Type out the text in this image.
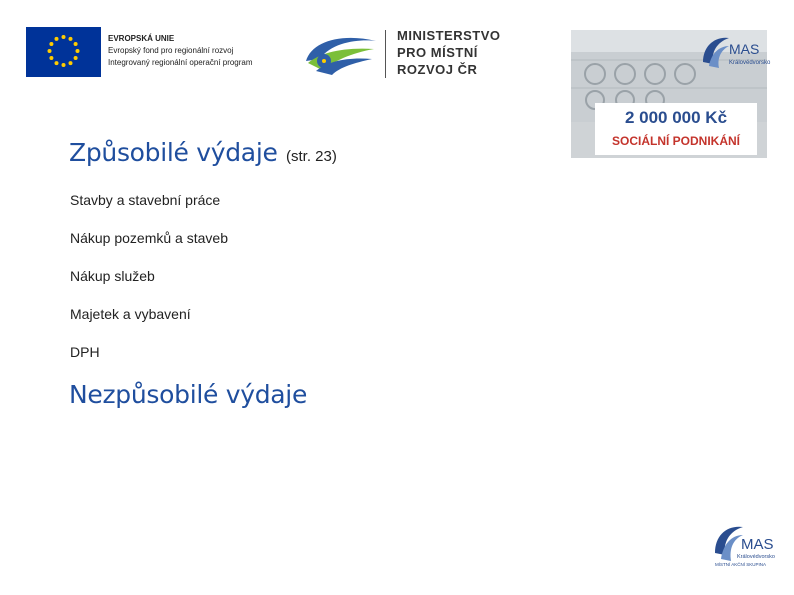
EVROPSKÁ UNIE
Evropský fond pro regionální rozvoj
Integrovaný regionální operační program
MINISTERSTVO
PRO MÍSTNÍ
ROZVOJ ČR
MAS
Královédvorsko
2 000 000 Kč
SOCIÁLNÍ PODNIKÁNÍ
Způsobilé výdaje (str. 23)
Stavby a stavební práce
Nákup pozemků a staveb
Nákup služeb
Majetek a vybavení
DPH
Nezpůsobilé výdaje
MAS
Královédvorsko
MÍSTNÍ AKČNÍ SKUPINA
